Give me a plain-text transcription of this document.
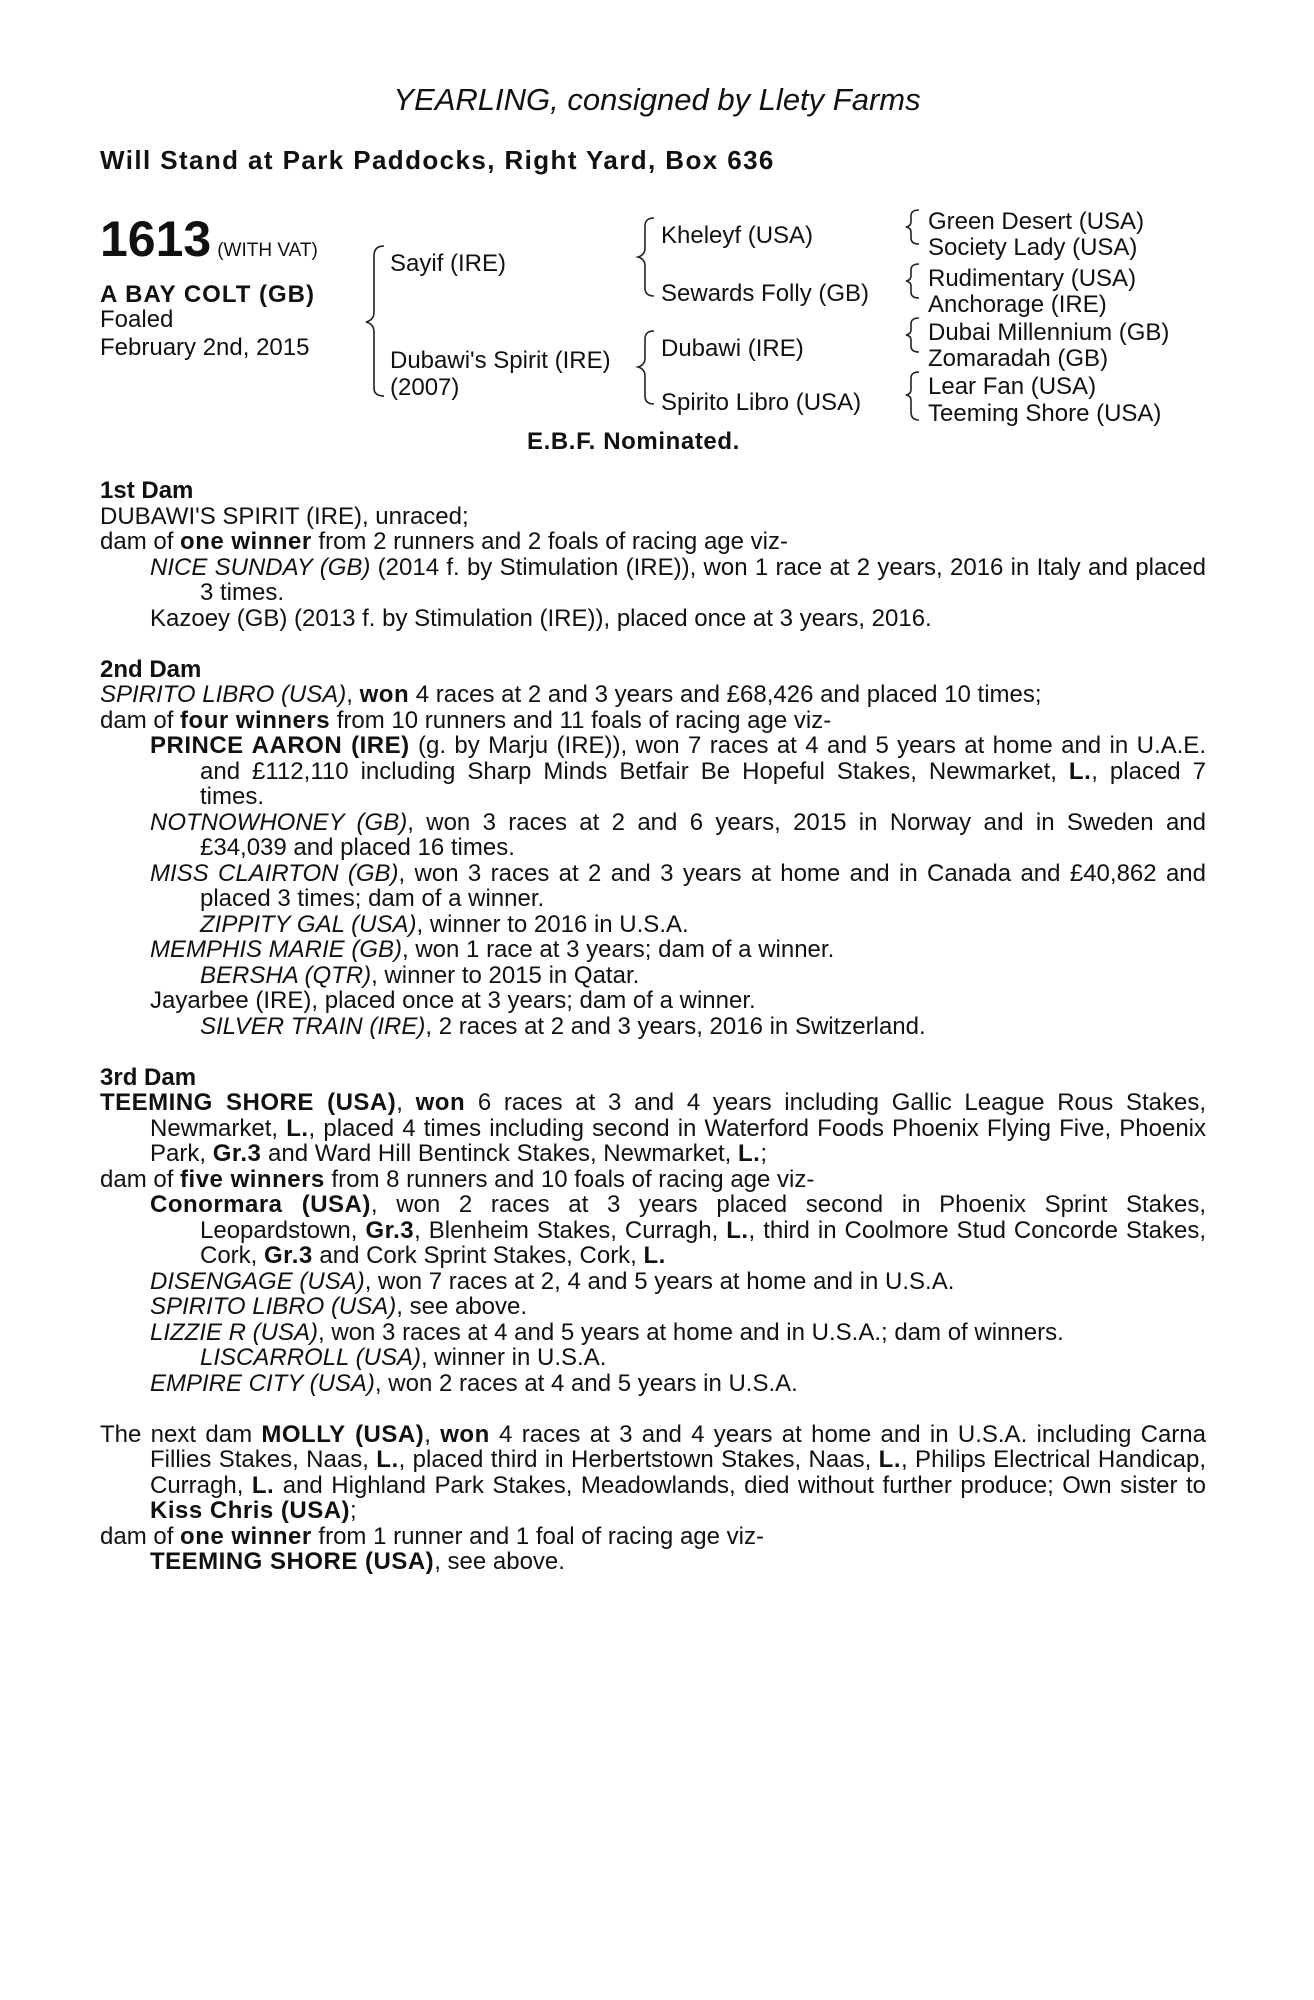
YEARLING, consigned by Llety Farms
Will Stand at Park Paddocks, Right Yard, Box 636
1613 (WITH VAT)
A BAY COLT (GB)
Foaled
February 2nd, 2015
Sayif (IRE)
Dubawi's Spirit (IRE)
(2007)
Kheleyf (USA)
Sewards Folly (GB)
Dubawi (IRE)
Spirito Libro (USA)
Green Desert (USA)
Society Lady (USA)
Rudimentary (USA)
Anchorage (IRE)
Dubai Millennium (GB)
Zomaradah (GB)
Lear Fan (USA)
Teeming Shore (USA)
E.B.F. Nominated.

1st Dam

DUBAWI'S SPIRIT (IRE), unraced;

dam of one winner from 2 runners and 2 foals of racing age viz-

NICE SUNDAY (GB) (2014 f. by Stimulation (IRE)), won 1 race at 2 years, 2016 in Italy and placed 3 times.

Kazoey (GB) (2013 f. by Stimulation (IRE)), placed once at 3 years, 2016.

2nd Dam

SPIRITO LIBRO (USA), won 4 races at 2 and 3 years and £68,426 and placed 10 times;

dam of four winners from 10 runners and 11 foals of racing age viz-

PRINCE AARON (IRE) (g. by Marju (IRE)), won 7 races at 4 and 5 years at home and in U.A.E. and £112,110 including Sharp Minds Betfair Be Hopeful Stakes, Newmarket, L., placed 7 times.

NOTNOWHONEY (GB), won 3 races at 2 and 6 years, 2015 in Norway and in Sweden and £34,039 and placed 16 times.

MISS CLAIRTON (GB), won 3 races at 2 and 3 years at home and in Canada and £40,862 and placed 3 times; dam of a winner.

ZIPPITY GAL (USA), winner to 2016 in U.S.A.

MEMPHIS MARIE (GB), won 1 race at 3 years; dam of a winner.

BERSHA (QTR), winner to 2015 in Qatar.

Jayarbee (IRE), placed once at 3 years; dam of a winner.

SILVER TRAIN (IRE), 2 races at 2 and 3 years, 2016 in Switzerland.

3rd Dam

TEEMING SHORE (USA), won 6 races at 3 and 4 years including Gallic League Rous Stakes, Newmarket, L., placed 4 times including second in Waterford Foods Phoenix Flying Five, Phoenix Park, Gr.3 and Ward Hill Bentinck Stakes, Newmarket, L.;

dam of five winners from 8 runners and 10 foals of racing age viz-

Conormara (USA), won 2 races at 3 years placed second in Phoenix Sprint Stakes, Leopardstown, Gr.3, Blenheim Stakes, Curragh, L., third in Coolmore Stud Concorde Stakes, Cork, Gr.3 and Cork Sprint Stakes, Cork, L.

DISENGAGE (USA), won 7 races at 2, 4 and 5 years at home and in U.S.A.

SPIRITO LIBRO (USA), see above.

LIZZIE R (USA), won 3 races at 4 and 5 years at home and in U.S.A.; dam of winners.

LISCARROLL (USA), winner in U.S.A.

EMPIRE CITY (USA), won 2 races at 4 and 5 years in U.S.A.

The next dam MOLLY (USA), won 4 races at 3 and 4 years at home and in U.S.A. including Carna Fillies Stakes, Naas, L., placed third in Herbertstown Stakes, Naas, L., Philips Electrical Handicap, Curragh, L. and Highland Park Stakes, Meadowlands, died without further produce; Own sister to Kiss Chris (USA);

dam of one winner from 1 runner and 1 foal of racing age viz-

TEEMING SHORE (USA), see above.
